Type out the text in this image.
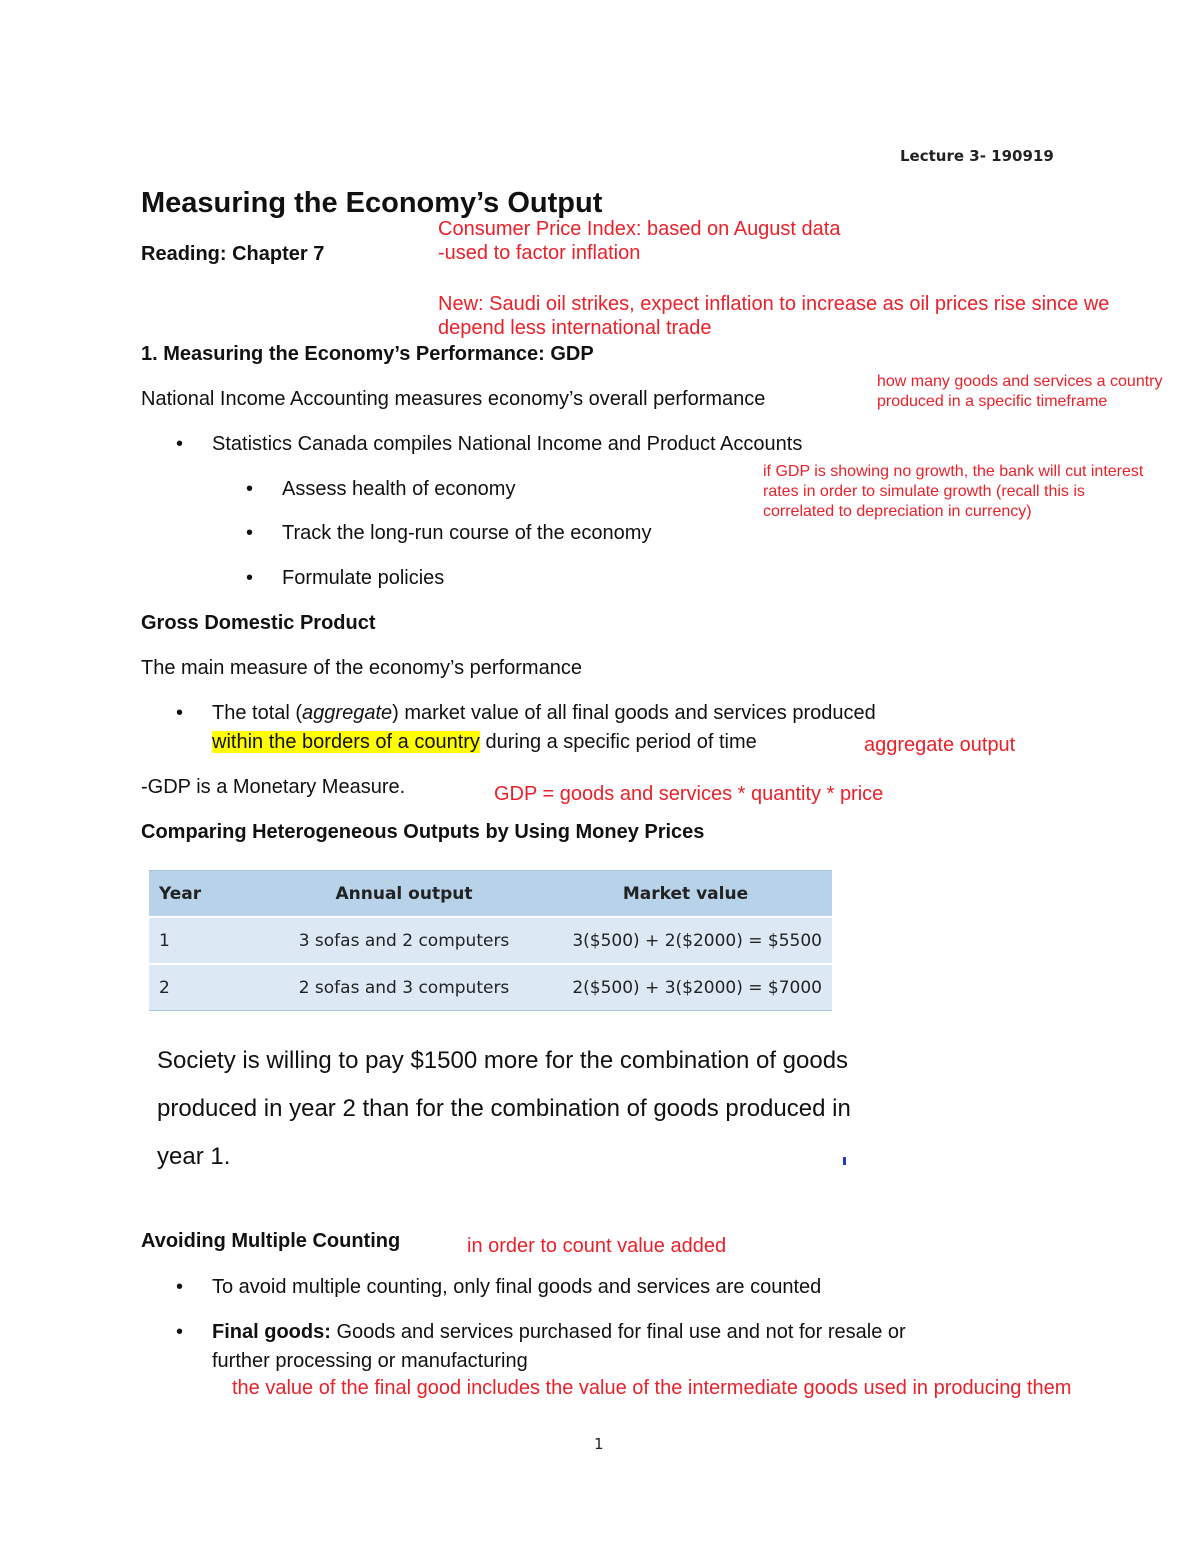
Lecture 3- 190919
Measuring the Economy’s Output
Reading: Chapter 7
Consumer Price Index: based on August data
-used to factor inflation
New: Saudi oil strikes, expect inflation to increase as oil prices rise since we
depend less international trade
1. Measuring the Economy’s Performance: GDP
how many goods and services a country
produced in a specific timeframe
National Income Accounting measures economy’s overall performance
• Statistics Canada compiles National Income and Product Accounts
if GDP is showing no growth, the bank will cut interest
rates in order to simulate growth (recall this is
correlated to depreciation in currency)
• Assess health of economy
• Track the long-run course of the economy
• Formulate policies
Gross Domestic Product
The main measure of the economy’s performance
• The total (aggregate) market value of all final goods and services produced
within the borders of a country during a specific period of time	aggregate output
-GDP is a Monetary Measure.	GDP = goods and services * quantity * price
Comparing Heterogeneous Outputs by Using Money Prices
Year	Annual output	Market value
1	3 sofas and 2 computers	3($500) + 2($2000) = $5500
2	2 sofas and 3 computers	2($500) + 3($2000) = $7000
Society is willing to pay $1500 more for the combination of goods produced in year 2 than for the combination of goods produced in year 1.
Avoiding Multiple Counting	in order to count value added
• To avoid multiple counting, only final goods and services are counted
• Final goods: Goods and services purchased for final use and not for resale or
further processing or manufacturing
the value of the final good includes the value of the intermediate goods used in producing them
1
